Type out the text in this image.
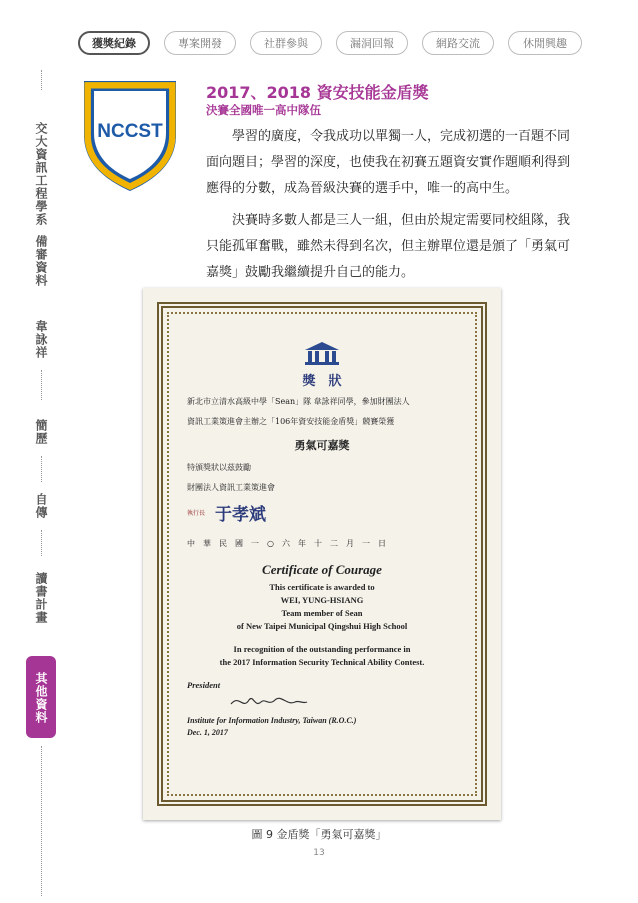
獲獎紀錄	專案開發	社群參與	漏洞回報	網路交流	休閒興趣
交大資訊工程學系
備審資料
韋詠祥
簡歷
自傳
讀書計畫
其他資料
NCCST
2017、2018 資安技能金盾獎
決賽全國唯一高中隊伍
學習的廣度，令我成功以單獨一人，完成初選的一百題不同面向題目；學習的深度，也使我在初賽五題資安實作題順利得到應得的分數，成為晉級決賽的選手中，唯一的高中生。
決賽時多數人都是三人一組，但由於規定需要同校組隊，我只能孤軍奮戰，雖然未得到名次，但主辦單位還是頒了「勇氣可嘉獎」鼓勵我繼續提升自己的能力。
獎　狀
新北市立清水高級中學「Sean」隊 韋詠祥同學，參加財團法人
資訊工業策進會主辦之「106年資安技能金盾獎」競賽榮獲
勇氣可嘉獎
特頒獎狀以茲鼓勵
財團法人資訊工業策進會
執行長 于孝斌
中　華　民　國　一　○　六　年　十　二　月　一　日
Certificate of Courage
This certificate is awarded to
WEI, YUNG-HSIANG
Team member of Sean
of New Taipei Municipal Qingshui High School
In recognition of the outstanding performance in
the 2017 Information Security Technical Ability Contest.
President
Institute for Information Industry, Taiwan (R.O.C.)
Dec. 1, 2017
圖 9 金盾獎「勇氣可嘉獎」
13
